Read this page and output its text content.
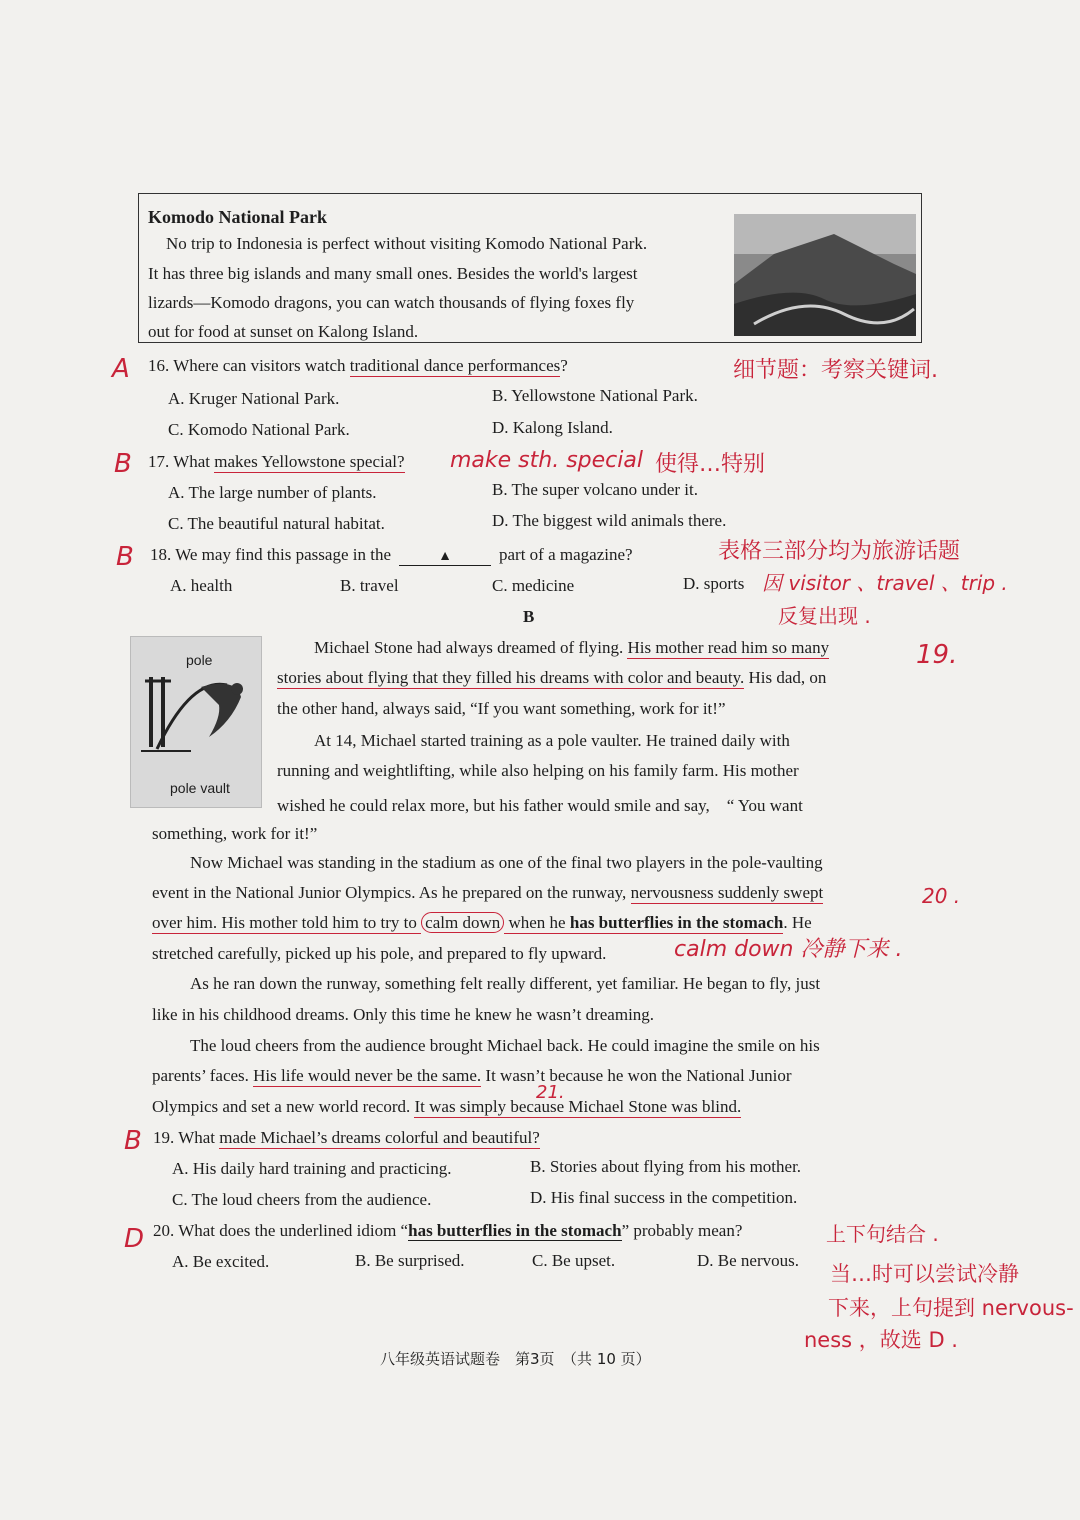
Komodo National Park
No trip to Indonesia is perfect without visiting Komodo National Park.
It has three big islands and many small ones. Besides the world's largest
lizards—Komodo dragons, you can watch thousands of flying foxes fly
out for food at sunset on Kalong Island.
A 16. Where can visitors watch traditional dance performances?	细节题：考察关键词.
A. Kruger National Park.	B. Yellowstone National Park.
C. Komodo National Park.	D. Kalong Island.
B 17. What makes Yellowstone special? make sth. special 使得…特别
A. The large number of plants.	B. The super volcano under it.
C. The beautiful natural habitat.	D. The biggest wild animals there.
B 18. We may find this passage in the	▲	part of a magazine?	表格三部分均为旅游话题
因 visitor 、travel 、trip .
反复出现 .
A. health	B. travel	C. medicine	D. sports
B
pole
pole vault
Michael Stone had always dreamed of flying. His mother read him so many	19.
stories about flying that they filled his dreams with color and beauty. His dad, on
the other hand, always said, “If you want something, work for it!”
At 14, Michael started training as a pole vaulter. He trained daily with
running and weightlifting, while also helping on his family farm. His mother
wished he could relax more, but his father would smile and say,　“ You want
something, work for it!”
Now Michael was standing in the stadium as one of the final two players in the pole-vaulting
event in the National Junior Olympics. As he prepared on the runway, nervousness suddenly swept	20 .
over him. His mother told him to try to calm down when he has butterflies in the stomach. He
stretched carefully, picked up his pole, and prepared to fly upward.	calm down 冷静下来 .
As he ran down the runway, something felt really different, yet familiar. He began to fly, just
like in his childhood dreams. Only this time he knew he wasn’t dreaming.
The loud cheers from the audience brought Michael back. He could imagine the smile on his
parents’ faces. His life would never be the same. It wasn’t because he won the National Junior
21.
Olympics and set a new world record. It was simply because Michael Stone was blind.
B 19. What made Michael’s dreams colorful and beautiful?
A. His daily hard training and practicing.	B. Stories about flying from his mother.
C. The loud cheers from the audience.	D. His final success in the competition.
D 20. What does the underlined idiom “has butterflies in the stomach” probably mean?	上下句结合 .
A. Be excited.	B. Be surprised.	C. Be upset.	D. Be nervous.
当…时可以尝试冷静
下来，上句提到 nervous-
ness ，故选 D .
八年级英语试题卷　第3页　（共 10 页）
